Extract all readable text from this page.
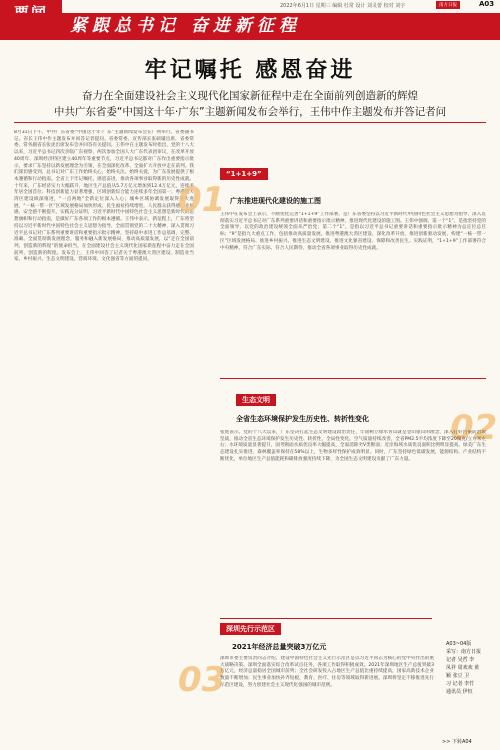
2022年6月1日 星期三 编辑 杜常 设计 刘灵蕾 校对 刘宇	南方日报	A03
紧跟总书记 奋进新征程
牢记嘱托 感恩奋进
奋力在全面建设社会主义现代化国家新征程中走在全面前列创造新的辉煌
中共广东省委“中国这十年·广东”主题新闻发布会举行，王伟中作主题发布并答记者问
8月31日下午，中共广东省委“中国这十年·广东”主题新闻发布会在广州举行。省委副书记、省长王伟中作主题发布并回答记者提问。省委常委、宣传部长张硕辅出席，省委常委、常务副省长张虎出席发布会并回答有关提问。王伟中在主题发布时指出，党的十八大以来，习近平总书记四次亲临广东视察，两次参加全国人大广东代表团审议，在改革开放40周年、深圳经济特区建立40周年等重要节点，习近平总书记都对广东作出重要指示批示，要求广东坚持以新发展理念为引领，在全面深化改革、全面扩大开放中走在前列。我们深切感受到，总书记对广东工作始终关心、始终关注、始终关爱，为广东发展提供了根本遵循和行动指南。全省上下牢记嘱托、感恩奋进，推动各项事业取得新的历史性成就。十年来，广东经济实力大幅跃升，地区生产总值从5.7万亿元增加到12.4万亿元，连续多年居全国首位；科技创新能力显著增强，区域创新综合能力连续多年全国第一；粤港澳大湾区建设纵深推进，“一点两地”全新定位深入人心；城乡区域协调发展取得重大进展，“一核一带一区”区域发展格局加快形成；民生福祉持续增进，人民群众获得感、幸福感、安全感不断提升。实践充分证明，习近平新时代中国特色社会主义思想是新时代的思想旗帜和行动指南，是做好广东各项工作的根本遵循。王伟中表示，新征程上，广东将坚持以习近平新时代中国特色社会主义思想为指导，全面贯彻党的二十大精神，深入贯彻习近平总书记对广东系列重要讲话和重要指示批示精神，坚持稳中求进工作总基调，完整、准确、全面贯彻新发展理念，服务和融入新发展格局，推动高质量发展，以“走在全国前列、创造新的辉煌”的使命担当，在全面建设社会主义现代化国家新征程中奋力走在全国前列，创造新的辉煌。发布会上，王伟中回答了记者关于粤港澳大湾区建设、制造业当家、乡村振兴、生态文明建设、营商环境、文化强省等方面的提问。
“1+1+9”
01 广东推进现代化建设的施工图
王伟中在发布会上表示，不断优化完善“1+1+9”工作部署，是广东省委坚持以习近平新时代中国特色社会主义思想为指导、深入贯彻落实习近平总书记对广东系列重要讲话和重要指示批示精神、推进现代化建设的施工图。王伟中强调，第一个“1”，是指坚持党的全面领导，以党的政治建设统领全面从严治党；第二个“1”，是指以习近平总书记重要讲话和重要指示批示精神为总定位总目标；“9”是指九大重点工作，包括推动高质量发展、推进粤港澳大湾区建设、深化改革开放、推进创新驱动发展、构建“一核一带一区”区域发展格局、推进乡村振兴、推进生态文明建设、推进文化强省建设、保障和改善民生。实践证明，“1+1+9”工作部署符合中央精神、符合广东实际、符合人民期待，推动全省各项事业取得历史性成就。
生态文明
02
全省生态环境保护发生历史性、转折性变化
张虎表示，党的十八大以来，广东坚决扛起生态文明建设政治责任，牢固树立绿水青山就是金山银山的理念，深入打好污染防治攻坚战，推动全省生态环境保护发生历史性、转折性、全局性变化。空气质量持续改善，全省PM2.5平均浓度下降至20微克/立方米左右；水环境质量显著提升，国考断面水质优良率大幅提高，全面消除劣Ⅴ类断面；近岸海域水质优良面积比例明显提高。绿美广东生态建设扎实推进，森林覆盖率保持在58%以上，生物多样性保护成效明显。同时，广东坚持绿色低碳发展，能源结构、产业结构不断优化，单位地区生产总值能耗和碳排放强度持续下降，为全国生态文明建设贡献了广东力量。
深圳先行示范区
03
2021年经济总量突破3万亿元
深圳市委主要负责同志介绍，建设中国特色社会主义先行示范区是以习近平同志为核心的党中央作出的重大战略决策。深圳全面落实综合改革试点任务，各项工作取得积极成效。2021年深圳地区生产总值突破3万亿元，经济总量稳居全国城市前列；全社会研发投入占地区生产总值比重持续提高，国家高新技术企业数量不断增加；民生事业加快补齐短板，教育、医疗、住房等领域取得新进展。深圳将坚定不移推进先行示范区建设，努力创建社会主义现代化强国的城市范例。
A03~04版
采写：南方日报
记者 吴哲 李
凤祥 周欢欢 黄
颖 张豆 卫
习 记者 李竹
通讯员 伊恒
>> 下转A04
